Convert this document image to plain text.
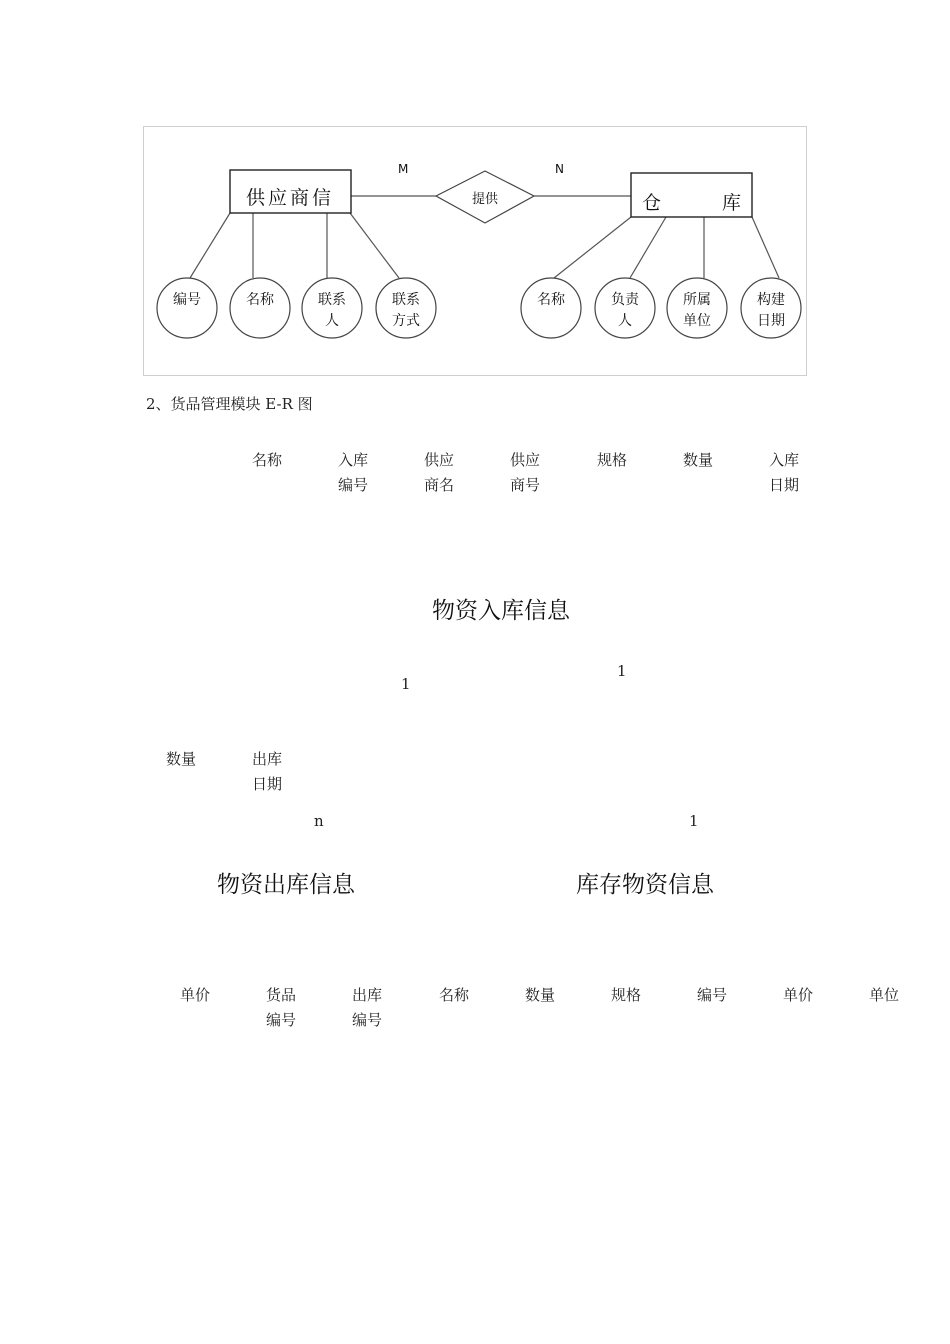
供应商信	仓	库
提供
M	N
编号	名称	联系
人
联系
方式
名称	负责
人
所属
单位
构建
日期
2、货品管理模块 E-R 图
名称	入库
编号
供应
商名
供应
商号
规格	数量	入库
日期
物资入库信息
1
1
数量	出库
日期
n	1
物资出库信息	库存物资信息
单价	货品
编号
出库
编号
名称	数量	规格	编号	单价	单位
